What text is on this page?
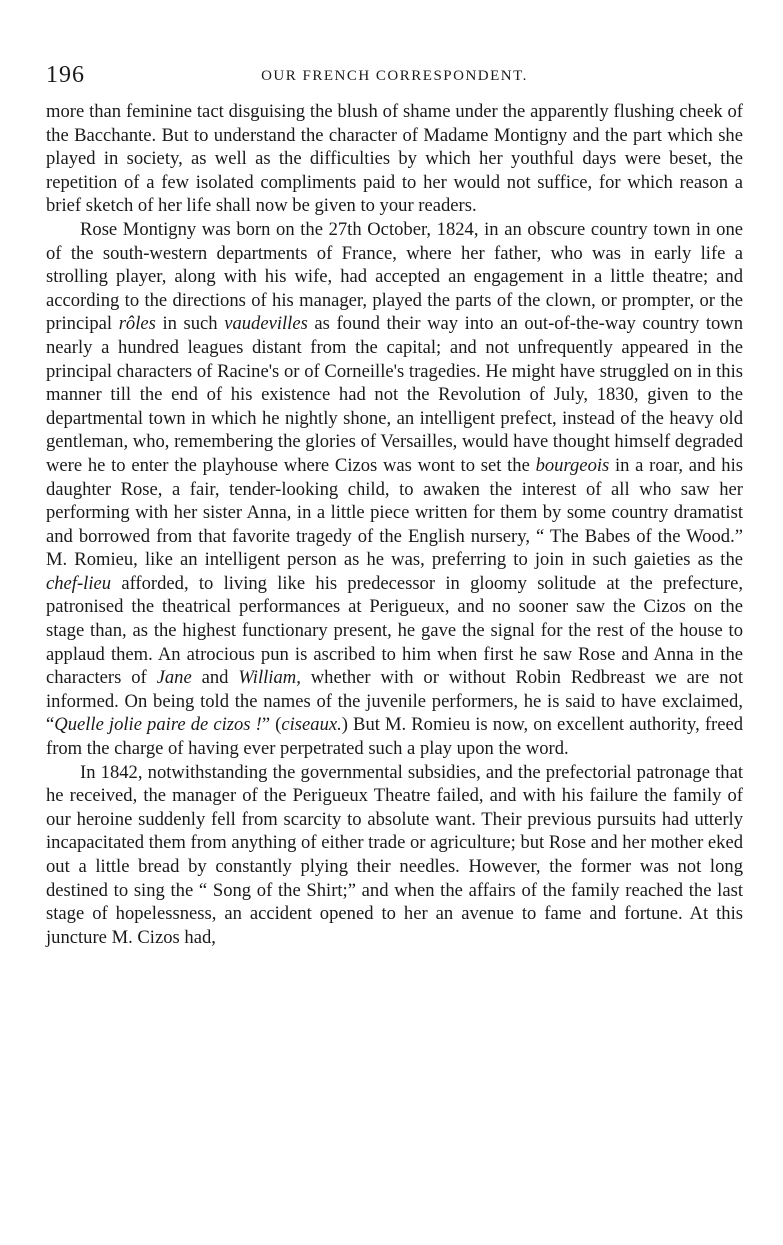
196	OUR FRENCH CORRESPONDENT.

more than feminine tact disguising the blush of shame under the apparently flushing cheek of the Bacchante. But to understand the character of Madame Montigny and the part which she played in society, as well as the difficulties by which her youthful days were beset, the repetition of a few isolated compliments paid to her would not suffice, for which reason a brief sketch of her life shall now be given to your readers.

Rose Montigny was born on the 27th October, 1824, in an obscure country town in one of the south-western departments of France, where her father, who was in early life a strolling player, along with his wife, had accepted an engagement in a little theatre; and according to the directions of his manager, played the parts of the clown, or prompter, or the principal rôles in such vaudevilles as found their way into an out-of-the-way country town nearly a hundred leagues distant from the capital; and not unfrequently appeared in the principal characters of Racine's or of Corneille's tragedies. He might have struggled on in this manner till the end of his existence had not the Revolution of July, 1830, given to the departmental town in which he nightly shone, an intelligent prefect, instead of the heavy old gentleman, who, remembering the glories of Versailles, would have thought himself degraded were he to enter the playhouse where Cizos was wont to set the bourgeois in a roar, and his daughter Rose, a fair, tender-looking child, to awaken the interest of all who saw her performing with her sister Anna, in a little piece written for them by some country dramatist and borrowed from that favorite tragedy of the English nursery, “ The Babes of the Wood.” M. Romieu, like an intelligent person as he was, preferring to join in such gaieties as the chef-lieu afforded, to living like his predecessor in gloomy solitude at the prefecture, patronised the theatrical performances at Perigueux, and no sooner saw the Cizos on the stage than, as the highest functionary present, he gave the signal for the rest of the house to applaud them. An atrocious pun is ascribed to him when first he saw Rose and Anna in the characters of Jane and William, whether with or without Robin Redbreast we are not informed. On being told the names of the juvenile performers, he is said to have exclaimed, “Quelle jolie paire de cizos !” (ciseaux.) But M. Romieu is now, on excellent authority, freed from the charge of having ever perpetrated such a play upon the word.

In 1842, notwithstanding the governmental subsidies, and the prefectorial patronage that he received, the manager of the Perigueux Theatre failed, and with his failure the family of our heroine suddenly fell from scarcity to absolute want. Their previous pursuits had utterly incapacitated them from anything of either trade or agriculture; but Rose and her mother eked out a little bread by constantly plying their needles. However, the former was not long destined to sing the “ Song of the Shirt;” and when the affairs of the family reached the last stage of hopelessness, an accident opened to her an avenue to fame and fortune. At this juncture M. Cizos had,
